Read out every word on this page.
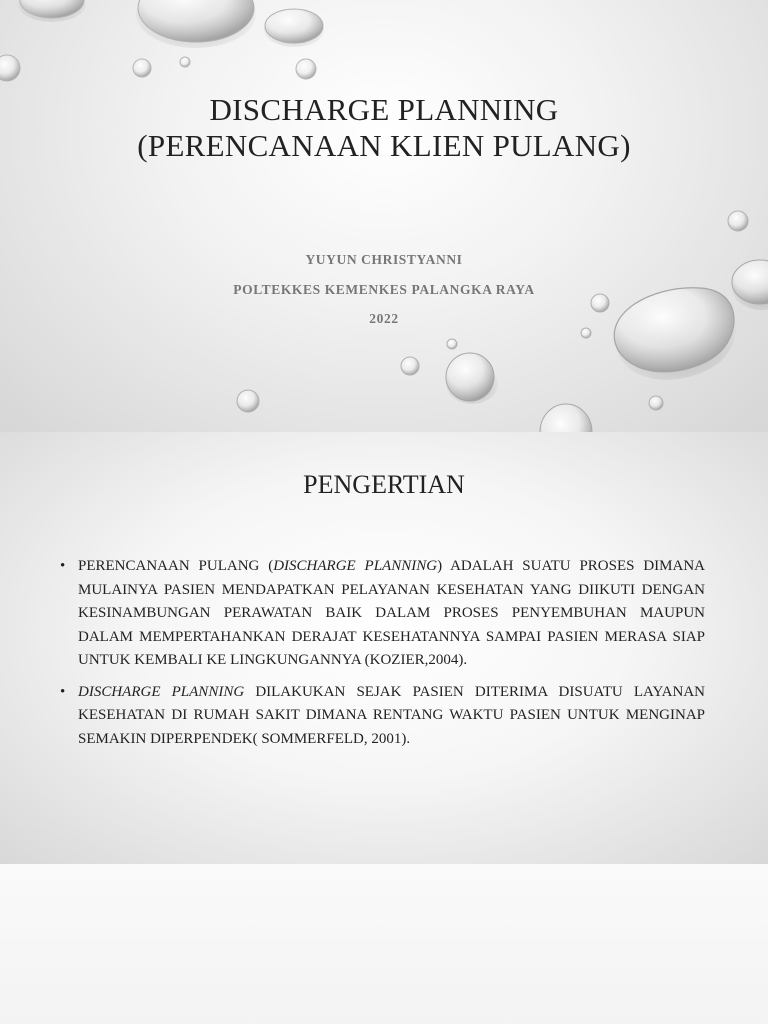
DISCHARGE PLANNING
(PERENCANAAN KLIEN PULANG)
YUYUN CHRISTYANNI
POLTEKKES KEMENKES PALANGKA RAYA
2022
PENGERTIAN
• PERENCANAAN PULANG (DISCHARGE PLANNING) ADALAH SUATU PROSES DIMANA MULAINYA PASIEN MENDAPATKAN PELAYANAN KESEHATAN YANG DIIKUTI DENGAN KESINAMBUNGAN PERAWATAN BAIK DALAM PROSES PENYEMBUHAN MAUPUN DALAM MEMPERTAHANKAN DERAJAT KESEHATANNYA SAMPAI PASIEN MERASA SIAP UNTUK KEMBALI KE LINGKUNGANNYA (KOZIER,2004).
• DISCHARGE PLANNING DILAKUKAN SEJAK PASIEN DITERIMA DISUATU LAYANAN KESEHATAN DI RUMAH SAKIT DIMANA RENTANG WAKTU PASIEN UNTUK MENGINAP SEMAKIN DIPERPENDEK( SOMMERFELD, 2001).
